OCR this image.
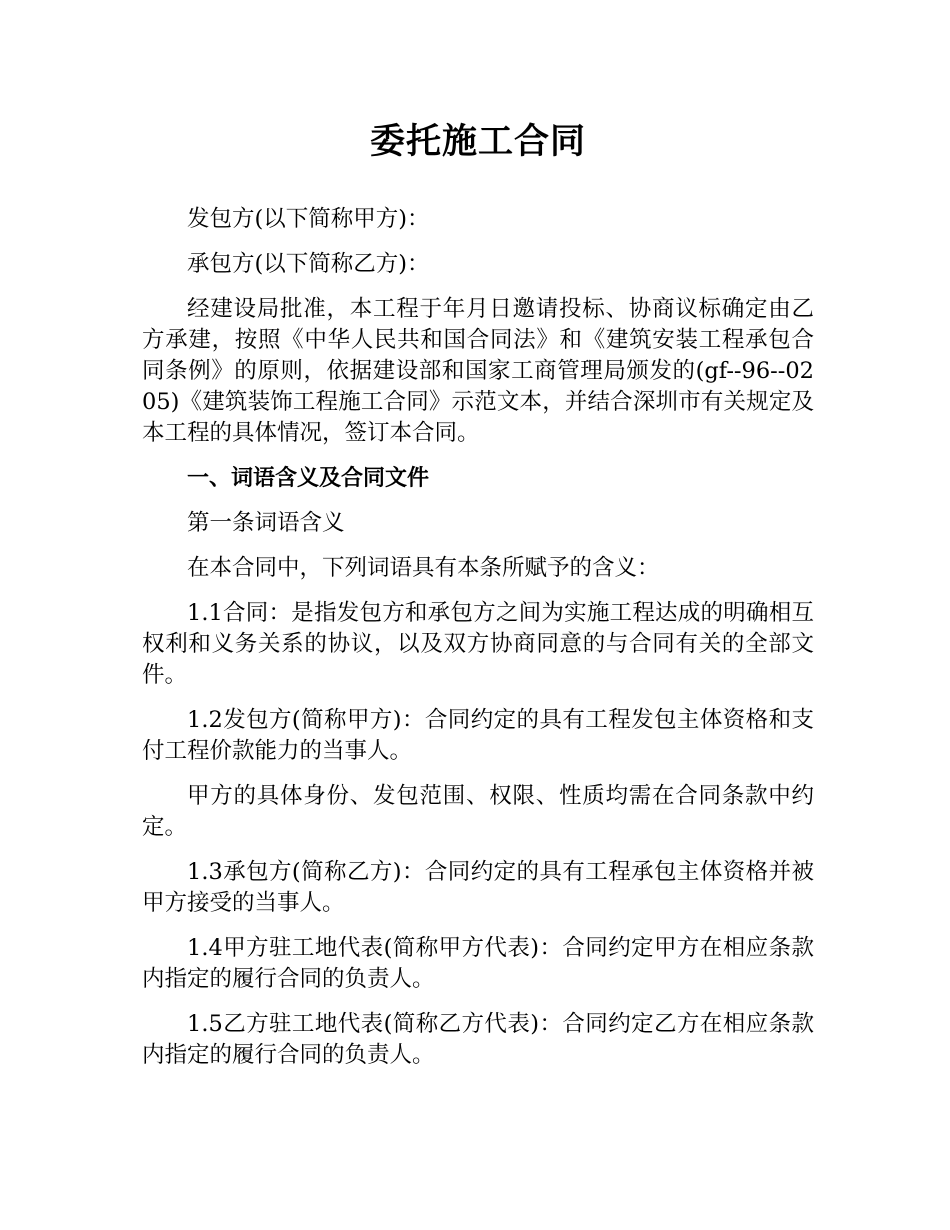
委托施工合同

发包方(以下简称甲方)：

承包方(以下简称乙方)：

经建设局批准，本工程于年月日邀请投标、协商议标确定由乙方承建，按照《中华人民共和国合同法》和《建筑安装工程承包合同条例》的原则，依据建设部和国家工商管理局颁发的(gf--96--0205)《建筑装饰工程施工合同》示范文本，并结合深圳市有关规定及本工程的具体情况，签订本合同。

一、词语含义及合同文件

第一条词语含义

在本合同中，下列词语具有本条所赋予的含义：

1.1合同：是指发包方和承包方之间为实施工程达成的明确相互权利和义务关系的协议，以及双方协商同意的与合同有关的全部文件。

1.2发包方(简称甲方)：合同约定的具有工程发包主体资格和支付工程价款能力的当事人。

甲方的具体身份、发包范围、权限、性质均需在合同条款中约定。

1.3承包方(简称乙方)：合同约定的具有工程承包主体资格并被甲方接受的当事人。

1.4甲方驻工地代表(简称甲方代表)：合同约定甲方在相应条款内指定的履行合同的负责人。

1.5乙方驻工地代表(简称乙方代表)：合同约定乙方在相应条款内指定的履行合同的负责人。
